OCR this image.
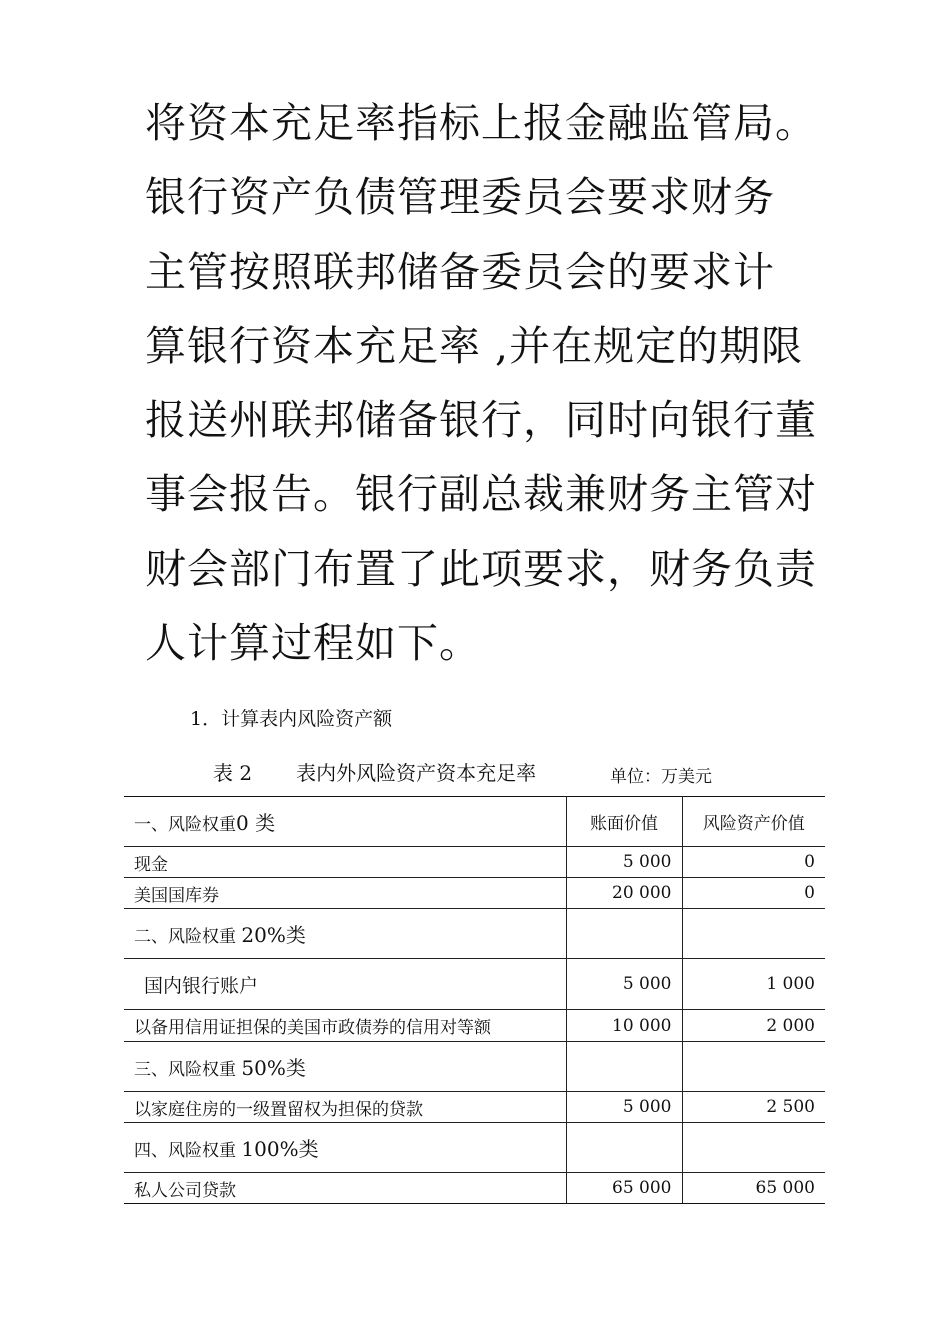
将资本充足率指标上报金融监管局。
银行资产负债管理委员会要求财务
主管按照联邦储备委员会的要求计
算银行资本充足率 ,并在规定的期限
报送州联邦储备银行，同时向银行董
事会报告。银行副总裁兼财务主管对
财会部门布置了此项要求，财务负责
人计算过程如下。
1．计算表内风险资产额
表 2 表内外风险资产资本充足率	单位：万美元
一、风险权重0 类	账面价值	风险资产价值
现金	5 000	0
美国国库券	20 000	0
二、风险权重 20%类		
国内银行账户	5 000	1 000
以备用信用证担保的美国市政债券的信用对等额	10 000	2 000
三、风险权重 50%类		
以家庭住房的一级置留权为担保的贷款	5 000	2 500
四、风险权重 100%类		
私人公司贷款	65 000	65 000
